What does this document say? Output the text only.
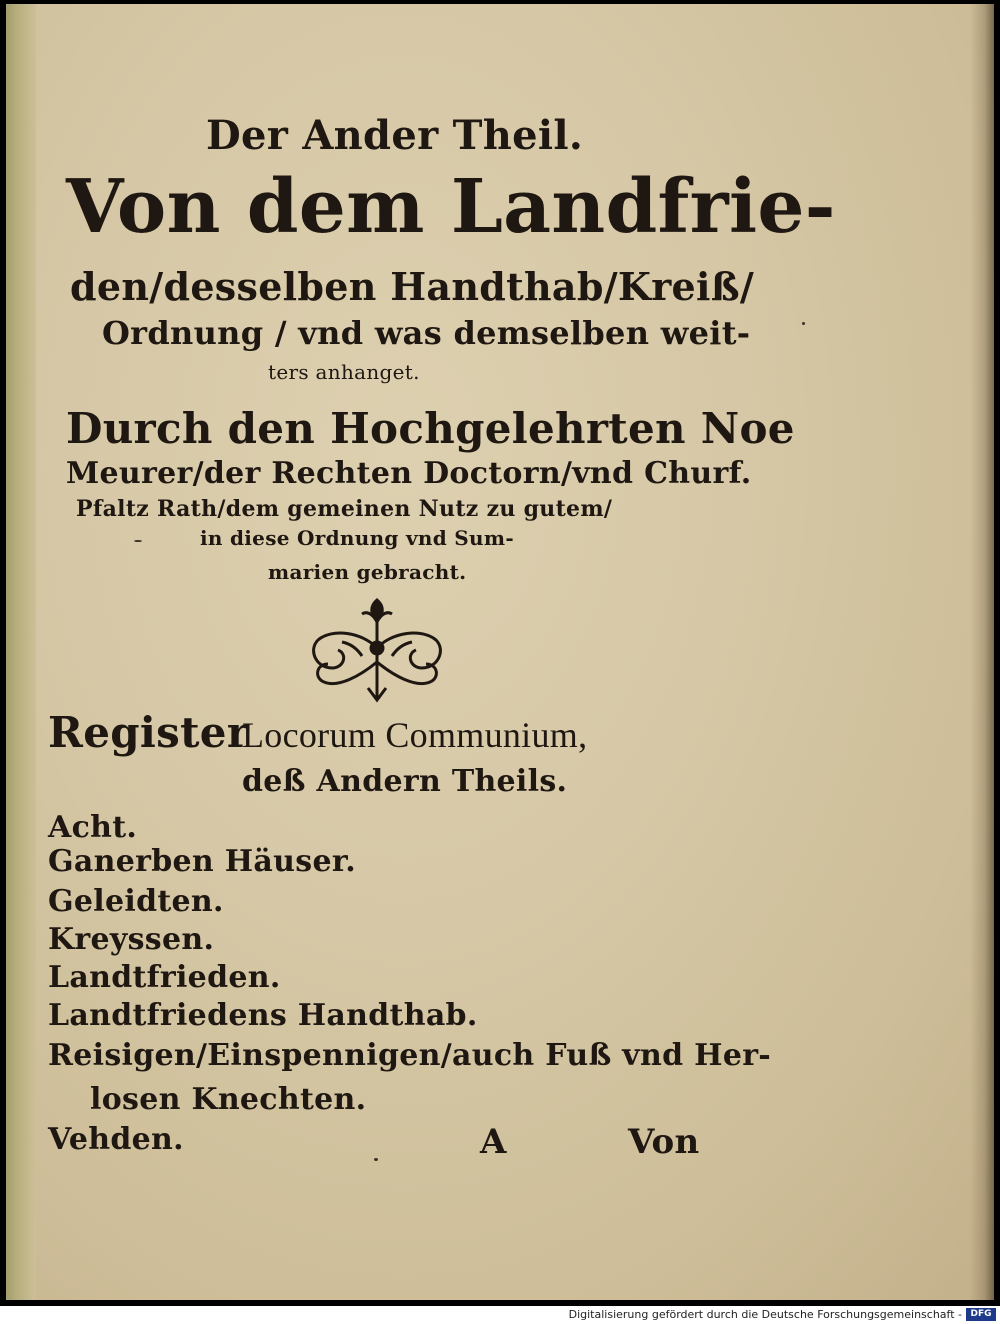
Der Ander Theil.
Von dem Landfrie-
den/desselben Handthab/Kreiß/
Ordnung / vnd was demselben weit-
ters anhanget.
Durch den Hochgelehrten Noe
Meurer/der Rechten Doctorn/vnd Churf.
Pfaltz Rath/dem gemeinen Nutz zu gutem/
in diese Ordnung vnd Sum-
marien gebracht.
Register
Locorum Communium,
deß Andern Theils.
Acht.
Ganerben Häuser.
Geleidten.
Kreyssen.
Landtfrieden.
Landtfriedens Handthab.
Reisigen/Einspennigen/auch Fuß vnd Her-
losen Knechten.
Vehden.	A	Von
Digitalisierung gefördert durch die Deutsche Forschungsgemeinschaft - DFG
